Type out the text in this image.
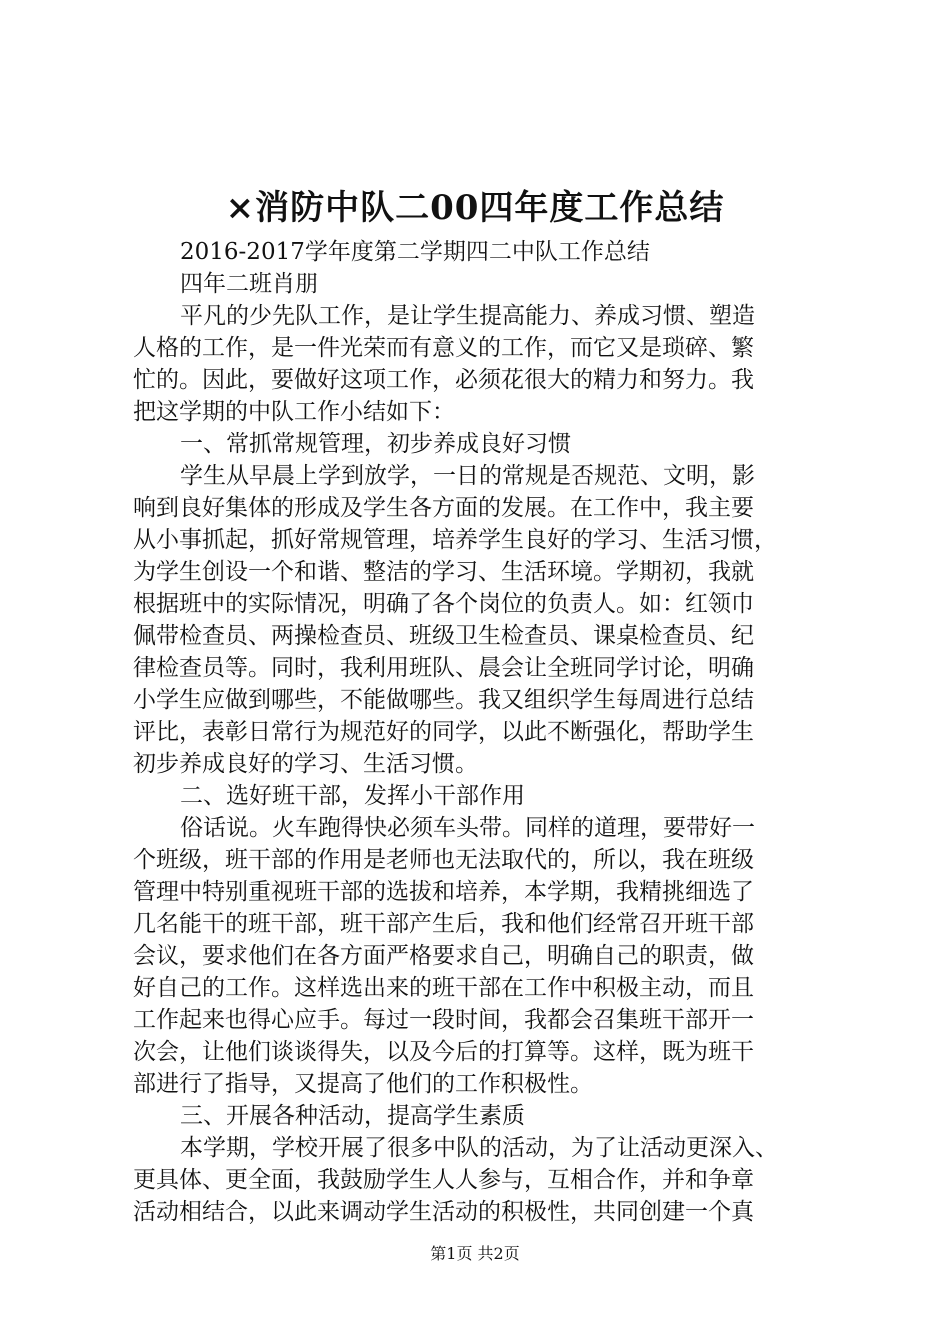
×消防中队二00四年度工作总结
2016-2017学年度第二学期四二中队工作总结
四年二班肖朋
平凡的少先队工作，是让学生提高能力、养成习惯、塑造
人格的工作，是一件光荣而有意义的工作，而它又是琐碎、繁
忙的。因此，要做好这项工作，必须花很大的精力和努力。我
把这学期的中队工作小结如下：
一、常抓常规管理，初步养成良好习惯
学生从早晨上学到放学，一日的常规是否规范、文明，影
响到良好集体的形成及学生各方面的发展。在工作中，我主要
从小事抓起，抓好常规管理，培养学生良好的学习、生活习惯，
为学生创设一个和谐、整洁的学习、生活环境。学期初，我就
根据班中的实际情况，明确了各个岗位的负责人。如：红领巾
佩带检查员、两操检查员、班级卫生检查员、课桌检查员、纪
律检查员等。同时，我利用班队、晨会让全班同学讨论，明确
小学生应做到哪些，不能做哪些。我又组织学生每周进行总结
评比，表彰日常行为规范好的同学，以此不断强化，帮助学生
初步养成良好的学习、生活习惯。
二、选好班干部，发挥小干部作用
俗话说。火车跑得快必须车头带。同样的道理，要带好一
个班级，班干部的作用是老师也无法取代的，所以，我在班级
管理中特别重视班干部的选拔和培养，本学期，我精挑细选了
几名能干的班干部，班干部产生后，我和他们经常召开班干部
会议，要求他们在各方面严格要求自己，明确自己的职责，做
好自己的工作。这样选出来的班干部在工作中积极主动，而且
工作起来也得心应手。每过一段时间，我都会召集班干部开一
次会，让他们谈谈得失，以及今后的打算等。这样，既为班干
部进行了指导，又提高了他们的工作积极性。
三、开展各种活动，提高学生素质
本学期，学校开展了很多中队的活动，为了让活动更深入、
更具体、更全面，我鼓励学生人人参与，互相合作，并和争章
活动相结合，以此来调动学生活动的积极性，共同创建一个真
第1页 共2页
